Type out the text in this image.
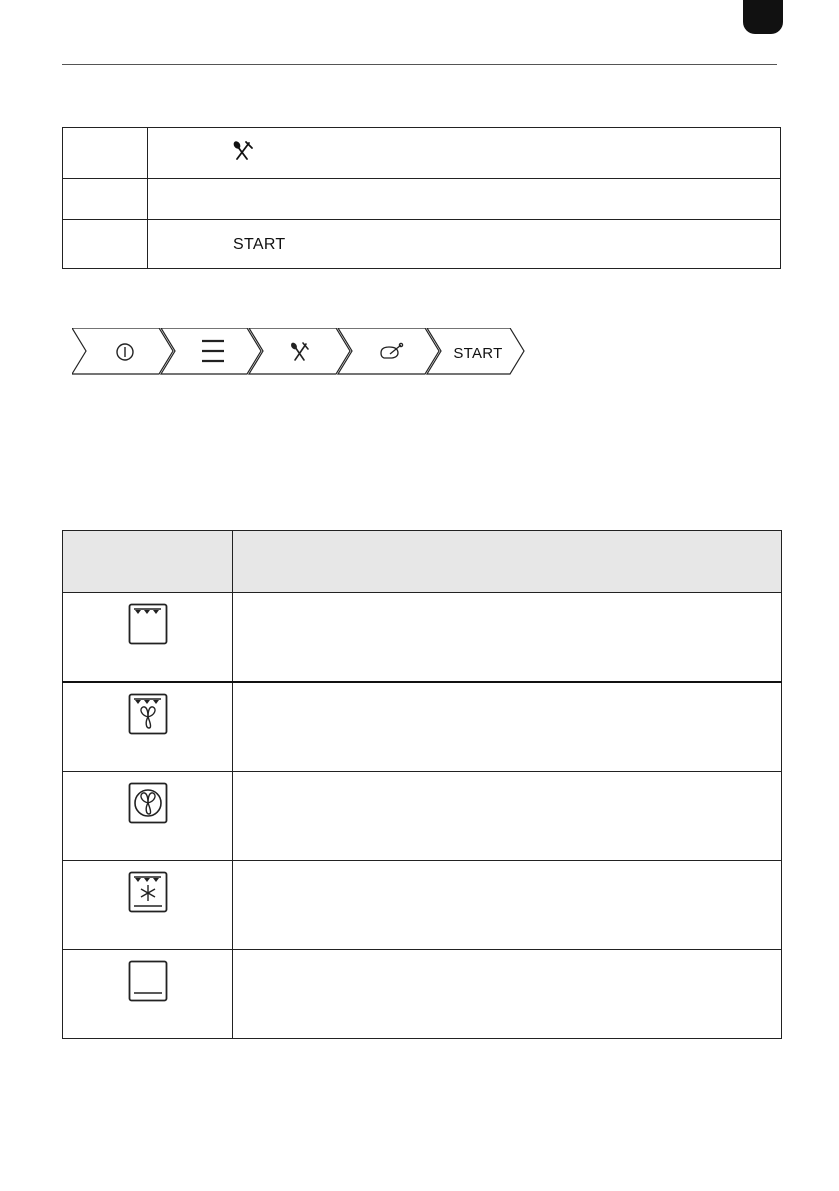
	START
START
